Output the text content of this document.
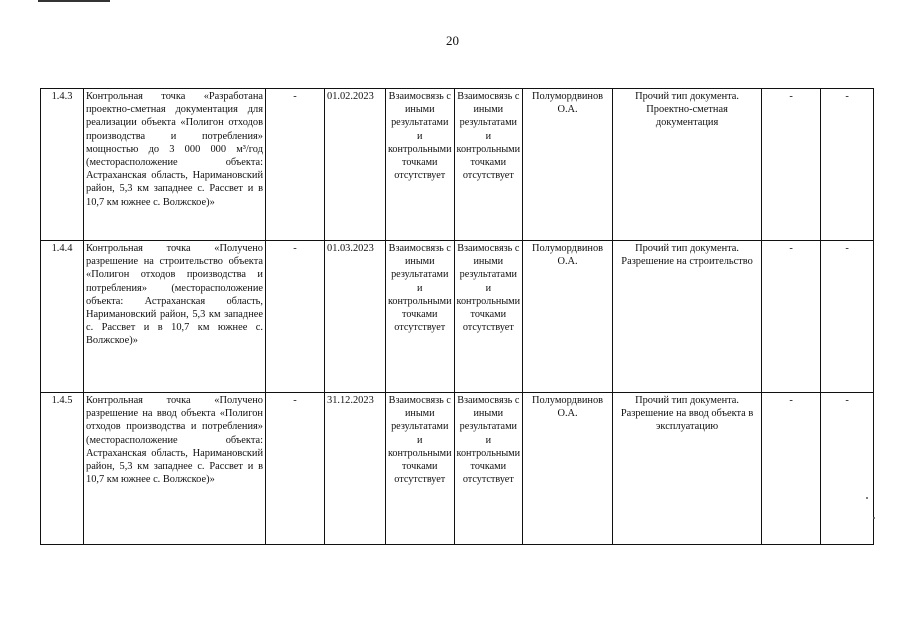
20
1.4.3	Контрольная точка «Разработана проектно-сметная документация для реализации объекта «Полигон отходов производства и потребления» мощностью до 3 000 000 м³/год (месторасположение объекта: Астраханская область, Наримановский район, 5,3 км западнее с. Рассвет и в 10,7 км южнее с. Волжское)»	-	01.02.2023	Взаимосвязь с иными результатами и контрольными точками отсутствует	Взаимосвязь с иными результатами и контрольными точками отсутствует	Полумордвинов О.А.	Прочий тип документа. Проектно-сметная документация	-	-
1.4.4	Контрольная точка «Получено разрешение на строительство объекта «Полигон отходов производства и потребления» (месторасположение объекта: Астраханская область, Наримановский район, 5,3 км западнее с. Рассвет и в 10,7 км южнее с. Волжское)»	-	01.03.2023	Взаимосвязь с иными результатами и контрольными точками отсутствует	Взаимосвязь с иными результатами и контрольными точками отсутствует	Полумордвинов О.А.	Прочий тип документа. Разрешение на строительство	-	-
1.4.5	Контрольная точка «Получено разрешение на ввод объекта «Полигон отходов производства и потребления» (месторасположение объекта: Астраханская область, Наримановский район, 5,3 км западнее с. Рассвет и в 10,7 км южнее с. Волжское)»	-	31.12.2023	Взаимосвязь с иными результатами и контрольными точками отсутствует	Взаимосвязь с иными результатами и контрольными точками отсутствует	Полумордвинов О.А.	Прочий тип документа. Разрешение на ввод объекта в эксплуатацию	-	-
